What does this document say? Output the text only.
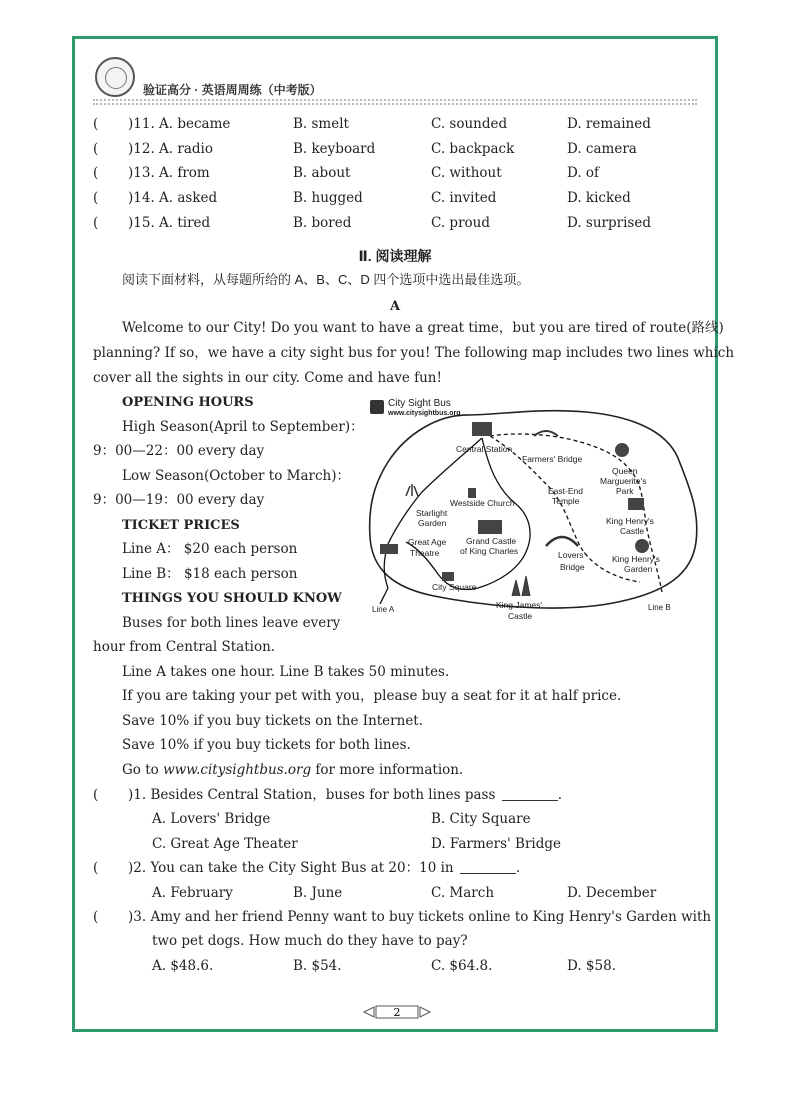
验证高分 · 英语周周练（中考版）
( )11. A. became	B. smelt	C. sounded	D. remained
( )12. A. radio	B. keyboard	C. backpack	D. camera
( )13. A. from	B. about	C. without	D. of
( )14. A. asked	B. hugged	C. invited	D. kicked
( )15. A. tired	B. bored	C. proud	D. surprised
Ⅱ. 阅读理解
阅读下面材料，从每题所给的 A、B、C、D 四个选项中选出最佳选项。
A
Welcome to our City! Do you want to have a great time，but you are tired of route(路线)
planning? If so，we have a city sight bus for you! The following map includes two lines which
cover all the sights in our city. Come and have fun!
OPENING HOURS
High Season(April to September)：
9：00—22：00 every day
Low Season(October to March)：
9：00—19：00 every day
TICKET PRICES
Line A： $20 each person
Line B： $18 each person
THINGS YOU SHOULD KNOW
Buses for both lines leave every
hour from Central Station.
Line A takes one hour. Line B takes 50 minutes.
If you are taking your pet with you，please buy a seat for it at half price.
Save 10% if you buy tickets on the Internet.
Save 10% if you buy tickets for both lines.
Go to www.citysightbus.org for more information.
City Sight Bus
www.citysightbus.org
Central Station
Farmers' Bridge
Queen
Marguerite's
Park
East-End
Temple
Westside Church
Starlight
Garden	King Henry's
Castle
Grand Castle
of King Charles
Great Age
Theatre	Lovers'
Bridge
King Henry's
Garden
City Square
King James'
Castle
Line A	Line B
( )1. Besides Central Station，buses for both lines pass	.
A. Lovers' Bridge	B. City Square
C. Great Age Theater	D. Farmers' Bridge
( )2. You can take the City Sight Bus at 20：10 in	.
A. February	B. June	C. March	D. December
( )3. Amy and her friend Penny want to buy tickets online to King Henry's Garden with
two pet dogs. How much do they have to pay?
A. $48.6.	B. $54.	C. $64.8.	D. $58.
2
